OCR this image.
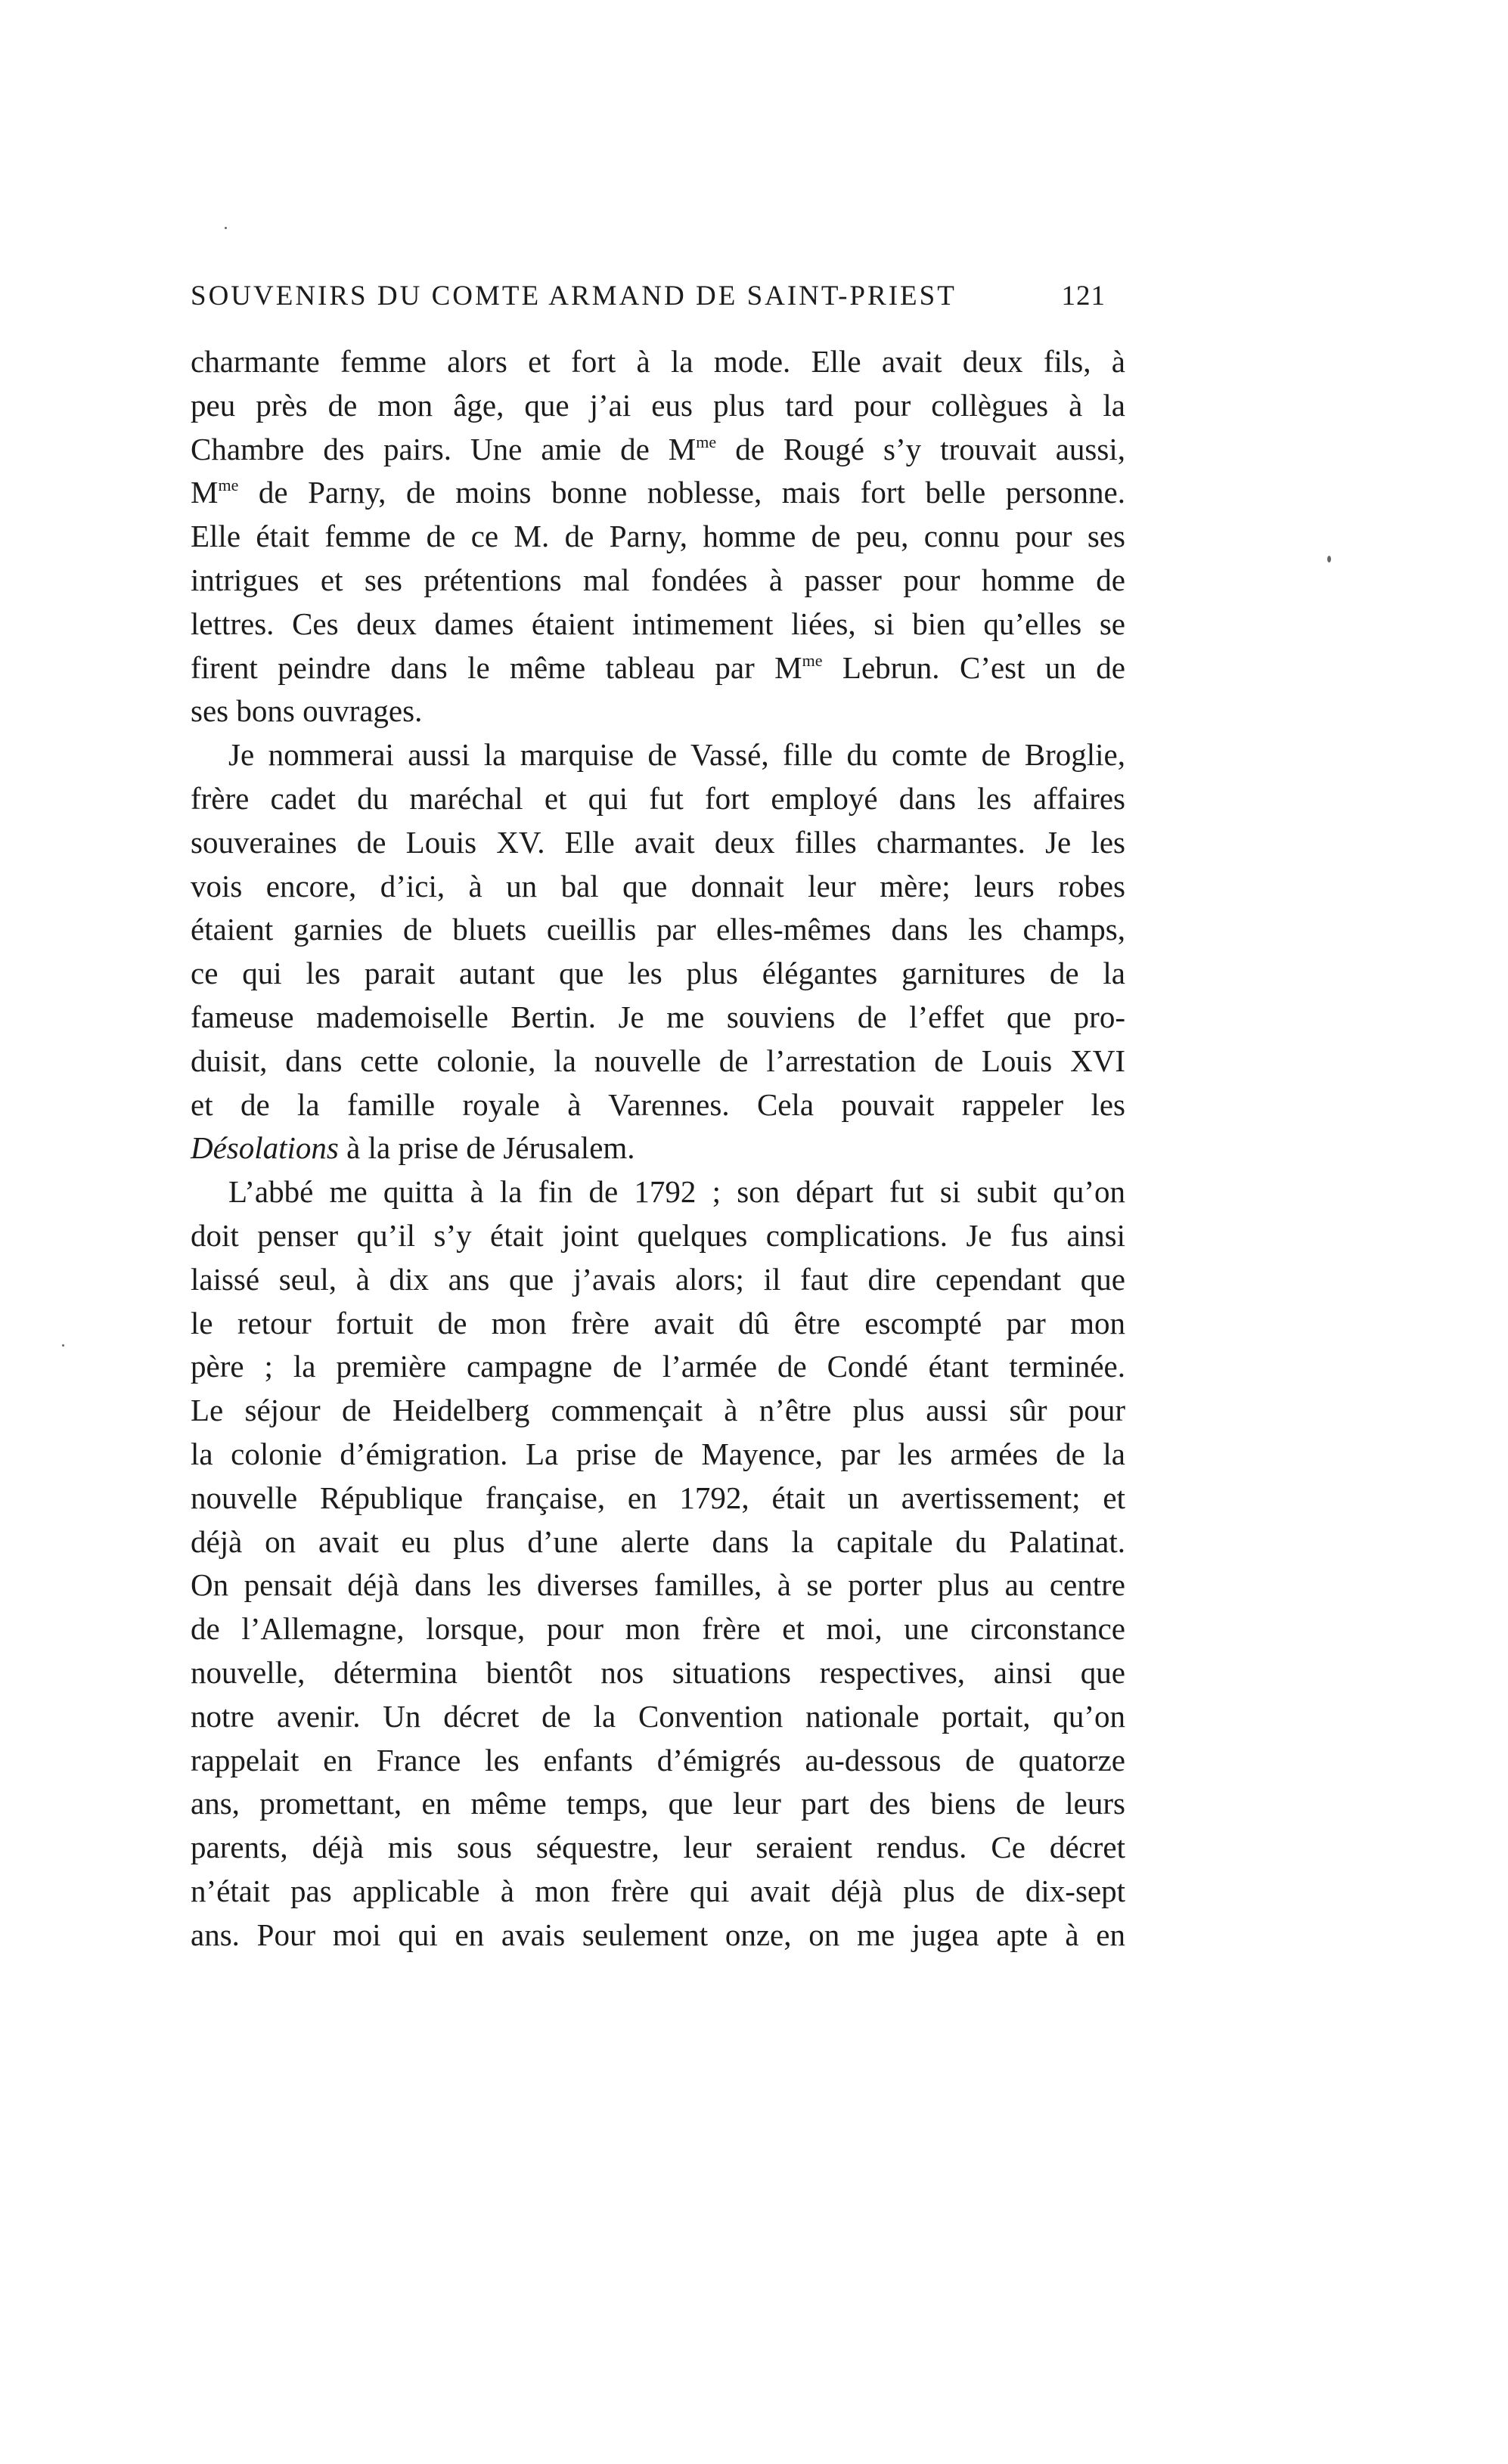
SOUVENIRS DU COMTE ARMAND DE SAINT-PRIEST	121
charmante femme alors et fort à la mode. Elle avait deux fils, à
peu près de mon âge, que j’ai eus plus tard pour collègues à la
Chambre des pairs. Une amie de $M^{me}$ de Rougé s’y trouvait aussi,
$M^{me}$ de Parny, de moins bonne noblesse, mais fort belle personne.
Elle était femme de ce M. de Parny, homme de peu, connu pour ses
intrigues et ses prétentions mal fondées à passer pour homme de
lettres. Ces deux dames étaient intimement liées, si bien qu’elles se
firent peindre dans le même tableau par $M^{me}$ Lebrun. C’est un de
ses bons ouvrages.
Je nommerai aussi la marquise de Vassé, fille du comte de Broglie,
frère cadet du maréchal et qui fut fort employé dans les affaires
souveraines de Louis XV. Elle avait deux filles charmantes. Je les
vois encore, d’ici, à un bal que donnait leur mère; leurs robes
étaient garnies de bluets cueillis par elles-mêmes dans les champs,
ce qui les parait autant que les plus élégantes garnitures de la
fameuse mademoiselle Bertin. Je me souviens de l’effet que pro-
duisit, dans cette colonie, la nouvelle de l’arrestation de Louis XVI
et de la famille royale à Varennes. Cela pouvait rappeler les
Désolations à la prise de Jérusalem.
L’abbé me quitta à la fin de 1792 ; son départ fut si subit qu’on
doit penser qu’il s’y était joint quelques complications. Je fus ainsi
laissé seul, à dix ans que j’avais alors; il faut dire cependant que
le retour fortuit de mon frère avait dû être escompté par mon
père ; la première campagne de l’armée de Condé étant terminée.
Le séjour de Heidelberg commençait à n’être plus aussi sûr pour
la colonie d’émigration. La prise de Mayence, par les armées de la
nouvelle République française, en 1792, était un avertissement; et
déjà on avait eu plus d’une alerte dans la capitale du Palatinat.
On pensait déjà dans les diverses familles, à se porter plus au centre
de l’Allemagne, lorsque, pour mon frère et moi, une circonstance
nouvelle, détermina bientôt nos situations respectives, ainsi que
notre avenir. Un décret de la Convention nationale portait, qu’on
rappelait en France les enfants d’émigrés au-dessous de quatorze
ans, promettant, en même temps, que leur part des biens de leurs
parents, déjà mis sous séquestre, leur seraient rendus. Ce décret
n’était pas applicable à mon frère qui avait déjà plus de dix-sept
ans. Pour moi qui en avais seulement onze, on me jugea apte à en
